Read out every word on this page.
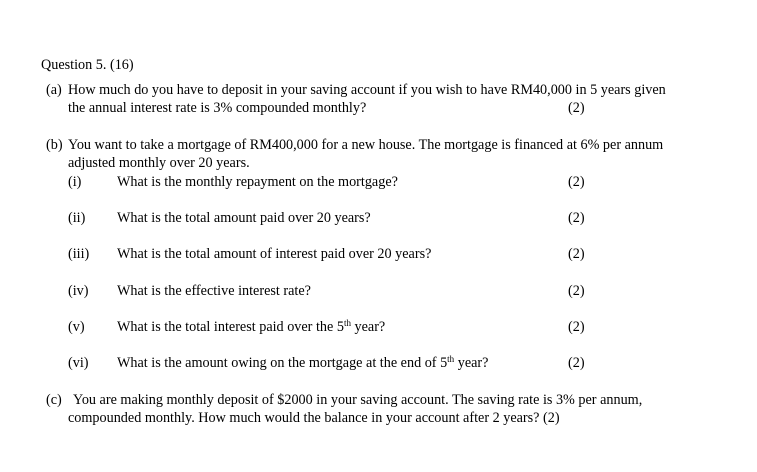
Question 5. (16)
(a) How much do you have to deposit in your saving account if you wish to have RM40,000 in 5 years given
the annual interest rate is 3% compounded monthly?	(2)
(b) You want to take a mortgage of RM400,000 for a new house. The mortgage is financed at 6% per annum
adjusted monthly over 20 years.
(i)	What is the monthly repayment on the mortgage?	(2)
(ii) What is the total amount paid over 20 years?	(2)
(iii) What is the total amount of interest paid over 20 years?	(2)
(iv) What is the effective interest rate?	(2)
(v) What is the total interest paid over the 5th year?	(2)
(vi) What is the amount owing on the mortgage at the end of 5th year?	(2)
(c) You are making monthly deposit of $2000 in your saving account. The saving rate is 3% per annum,
compounded monthly. How much would the balance in your account after 2 years? (2)
